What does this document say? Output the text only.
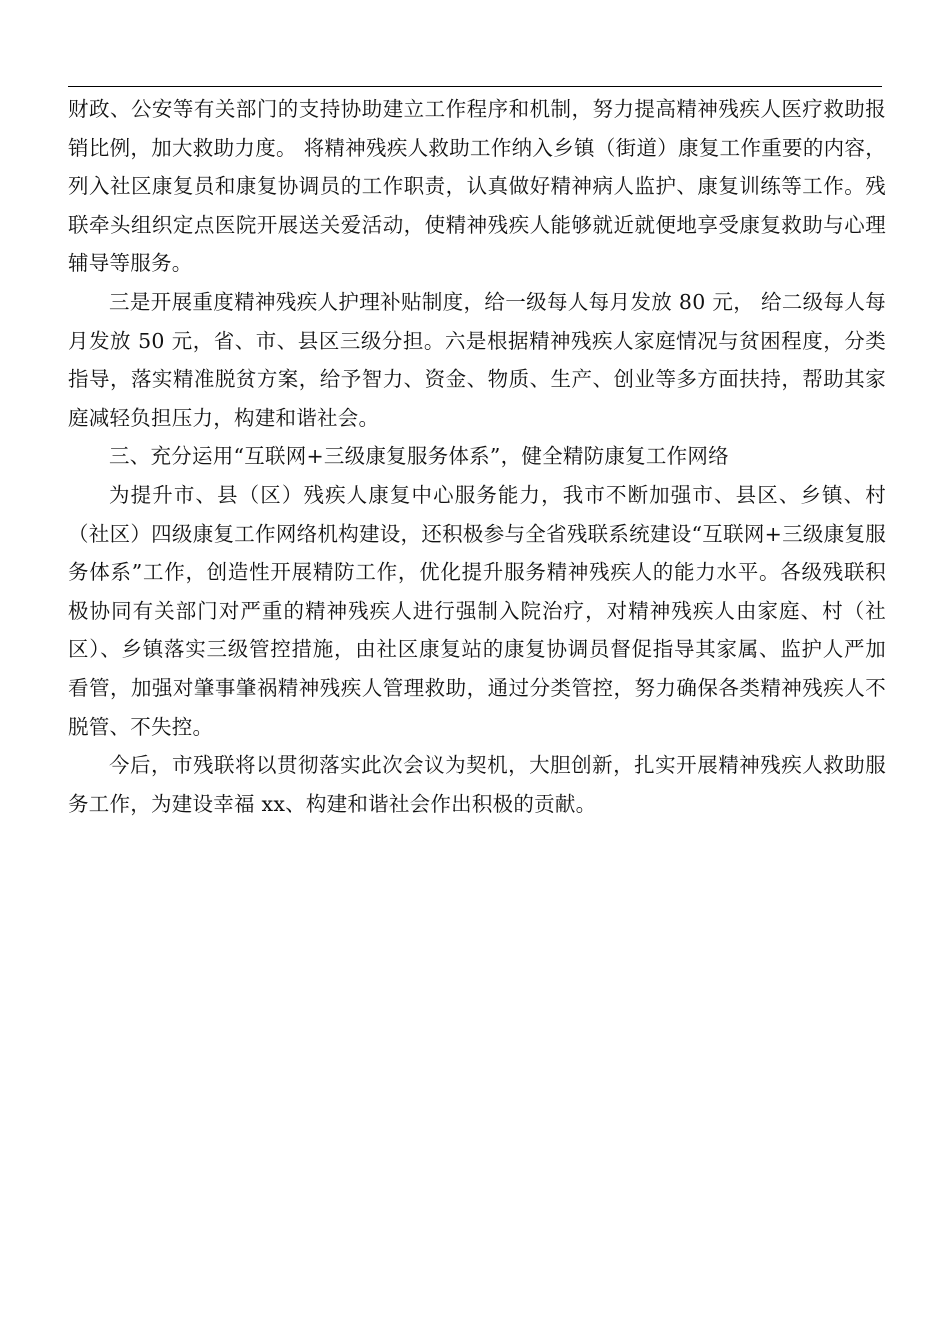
财政、公安等有关部门的支持协助建立工作程序和机制，努力提高精神残疾人医疗救助报销比例，加大救助力度。 将精神残疾人救助工作纳入乡镇（街道）康复工作重要的内容，列入社区康复员和康复协调员的工作职责，认真做好精神病人监护、康复训练等工作。残联牵头组织定点医院开展送关爱活动，使精神残疾人能够就近就便地享受康复救助与心理辅导等服务。

三是开展重度精神残疾人护理补贴制度，给一级每人每月发放 80 元， 给二级每人每月发放 50 元，省、市、县区三级分担。六是根据精神残疾人家庭情况与贫困程度，分类指导，落实精准脱贫方案，给予智力、资金、物质、生产、创业等多方面扶持，帮助其家庭减轻负担压力，构建和谐社会。

三、充分运用“互联网+三级康复服务体系”，健全精防康复工作网络

为提升市、县（区）残疾人康复中心服务能力，我市不断加强市、县区、乡镇、村（社区）四级康复工作网络机构建设，还积极参与全省残联系统建设“互联网+三级康复服务体系”工作，创造性开展精防工作，优化提升服务精神残疾人的能力水平。各级残联积极协同有关部门对严重的精神残疾人进行强制入院治疗，对精神残疾人由家庭、村（社区）、乡镇落实三级管控措施，由社区康复站的康复协调员督促指导其家属、监护人严加看管，加强对肇事肇祸精神残疾人管理救助，通过分类管控，努力确保各类精神残疾人不脱管、不失控。

今后，市残联将以贯彻落实此次会议为契机，大胆创新，扎实开展精神残疾人救助服务工作，为建设幸福 xx、构建和谐社会作出积极的贡献。
